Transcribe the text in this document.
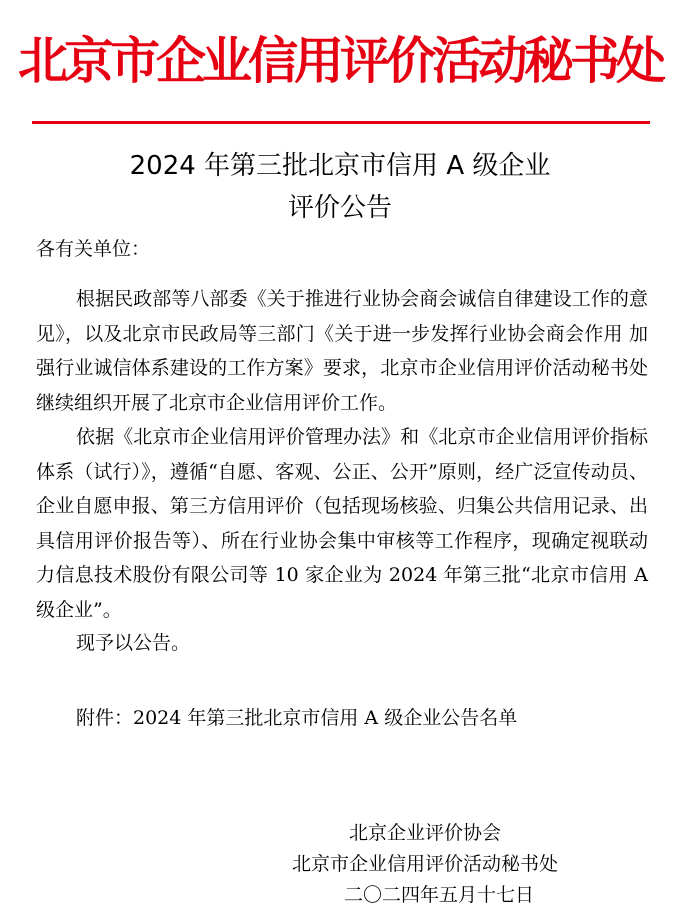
北京市企业信用评价活动秘书处
2024 年第三批北京市信用 A 级企业
评价公告
各有关单位：
根据民政部等八部委《关于推进行业协会商会诚信自律建设工作的意见》，以及北京市民政局等三部门《关于进一步发挥行业协会商会作用 加强行业诚信体系建设的工作方案》要求，北京市企业信用评价活动秘书处继续组织开展了北京市企业信用评价工作。
依据《北京市企业信用评价管理办法》和《北京市企业信用评价指标体系（试行）》，遵循“自愿、客观、公正、公开”原则，经广泛宣传动员、企业自愿申报、第三方信用评价（包括现场核验、归集公共信用记录、出具信用评价报告等）、所在行业协会集中审核等工作程序，现确定视联动力信息技术股份有限公司等 10 家企业为 2024 年第三批“北京市信用 A 级企业”。
现予以公告。
附件：2024 年第三批北京市信用 A 级企业公告名单
北京企业评价协会
北京市企业信用评价活动秘书处
二〇二四年五月十七日
